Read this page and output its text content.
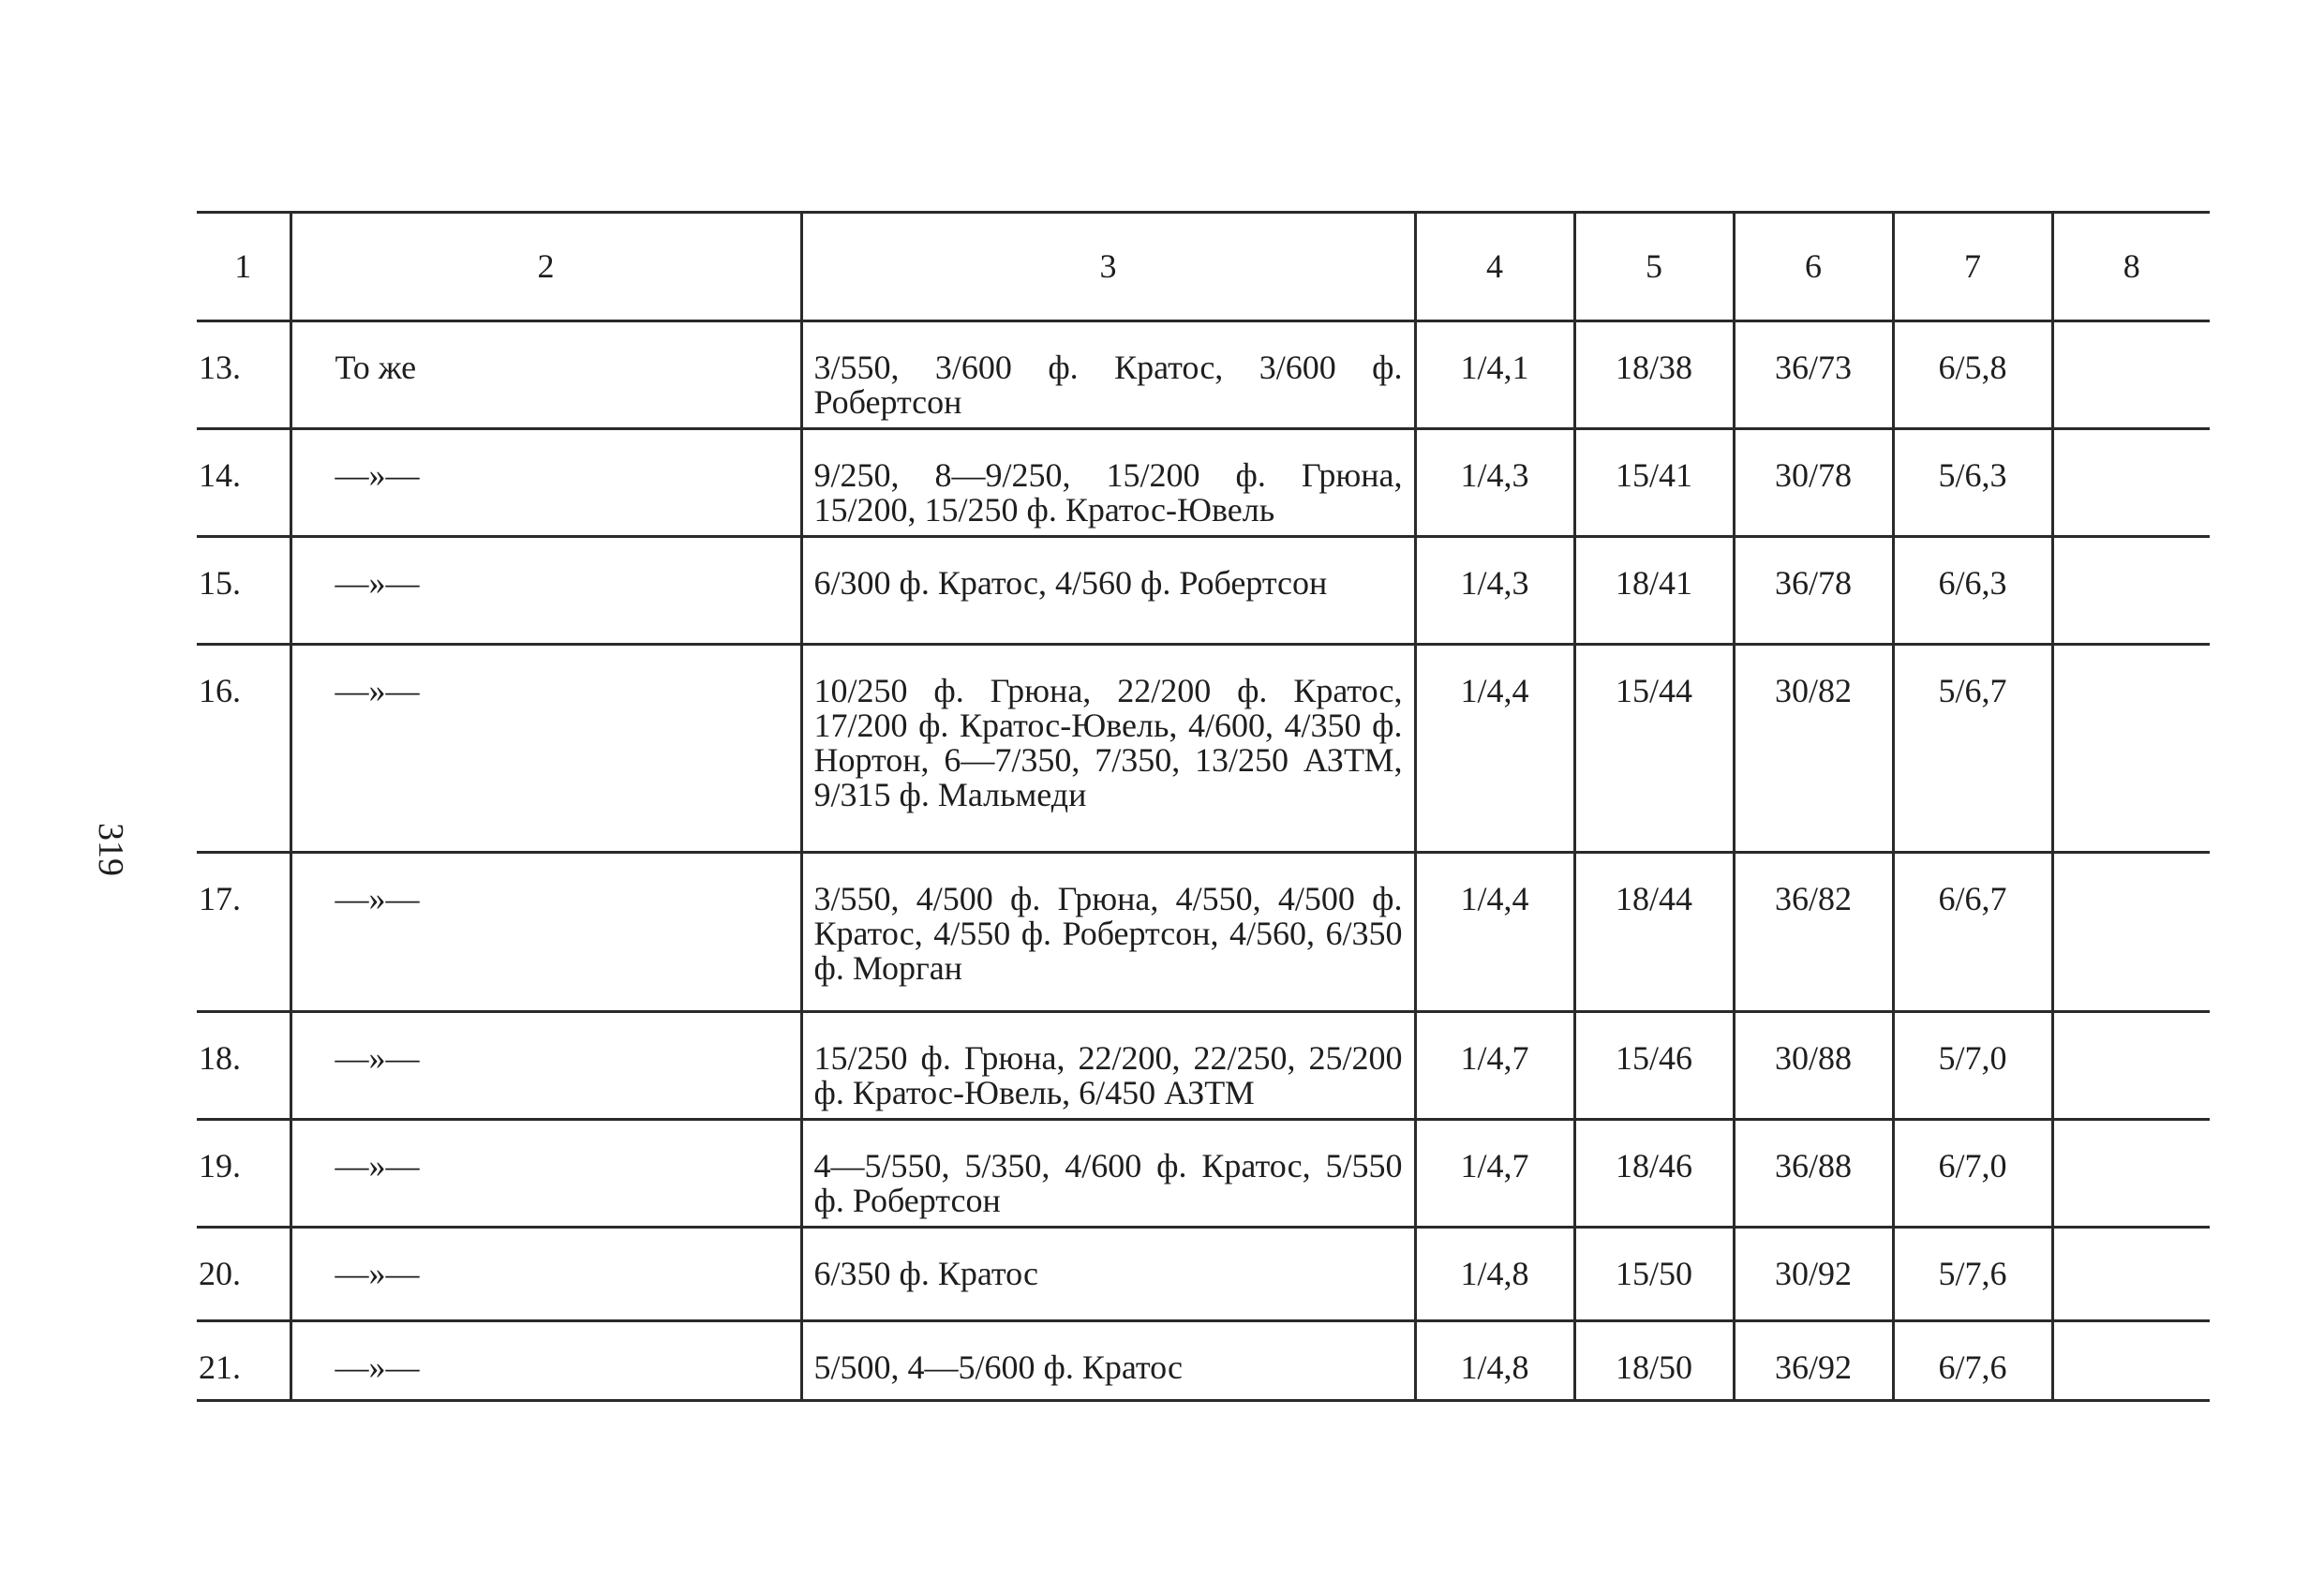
319
1	2	3	4	5	6	7	8
13.	То же	3/550, 3/600 ф. Кратос, 3/600 ф. Робертсон	1/4,1	18/38	36/73	6/5,8	
14.	—»—	9/250, 8—9/250, 15/200 ф. Грюна, 15/200, 15/250 ф. Кратос-Ювель	1/4,3	15/41	30/78	5/6,3	
15.	—»—	6/300 ф. Кратос, 4/560 ф. Робертсон	1/4,3	18/41	36/78	6/6,3	
16.	—»—	10/250 ф. Грюна, 22/200 ф. Кратос, 17/200 ф. Кратос-Ювель, 4/600, 4/350 ф. Нортон, 6—7/350, 7/350, 13/250 АЗТМ, 9/315 ф. Мальмеди	1/4,4	15/44	30/82	5/6,7	
17.	—»—	3/550, 4/500 ф. Грюна, 4/550, 4/500 ф. Кратос, 4/550 ф. Робертсон, 4/560, 6/350 ф. Морган	1/4,4	18/44	36/82	6/6,7	
18.	—»—	15/250 ф. Грюна, 22/200, 22/250, 25/200 ф. Кратос-Ювель, 6/450 АЗТМ	1/4,7	15/46	30/88	5/7,0	
19.	—»—	4—5/550, 5/350, 4/600 ф. Кратос, 5/550 ф. Робертсон	1/4,7	18/46	36/88	6/7,0	
20.	—»—	6/350 ф. Кратос	1/4,8	15/50	30/92	5/7,6	
21.	—»—	5/500, 4—5/600 ф. Кратос	1/4,8	18/50	36/92	6/7,6	
